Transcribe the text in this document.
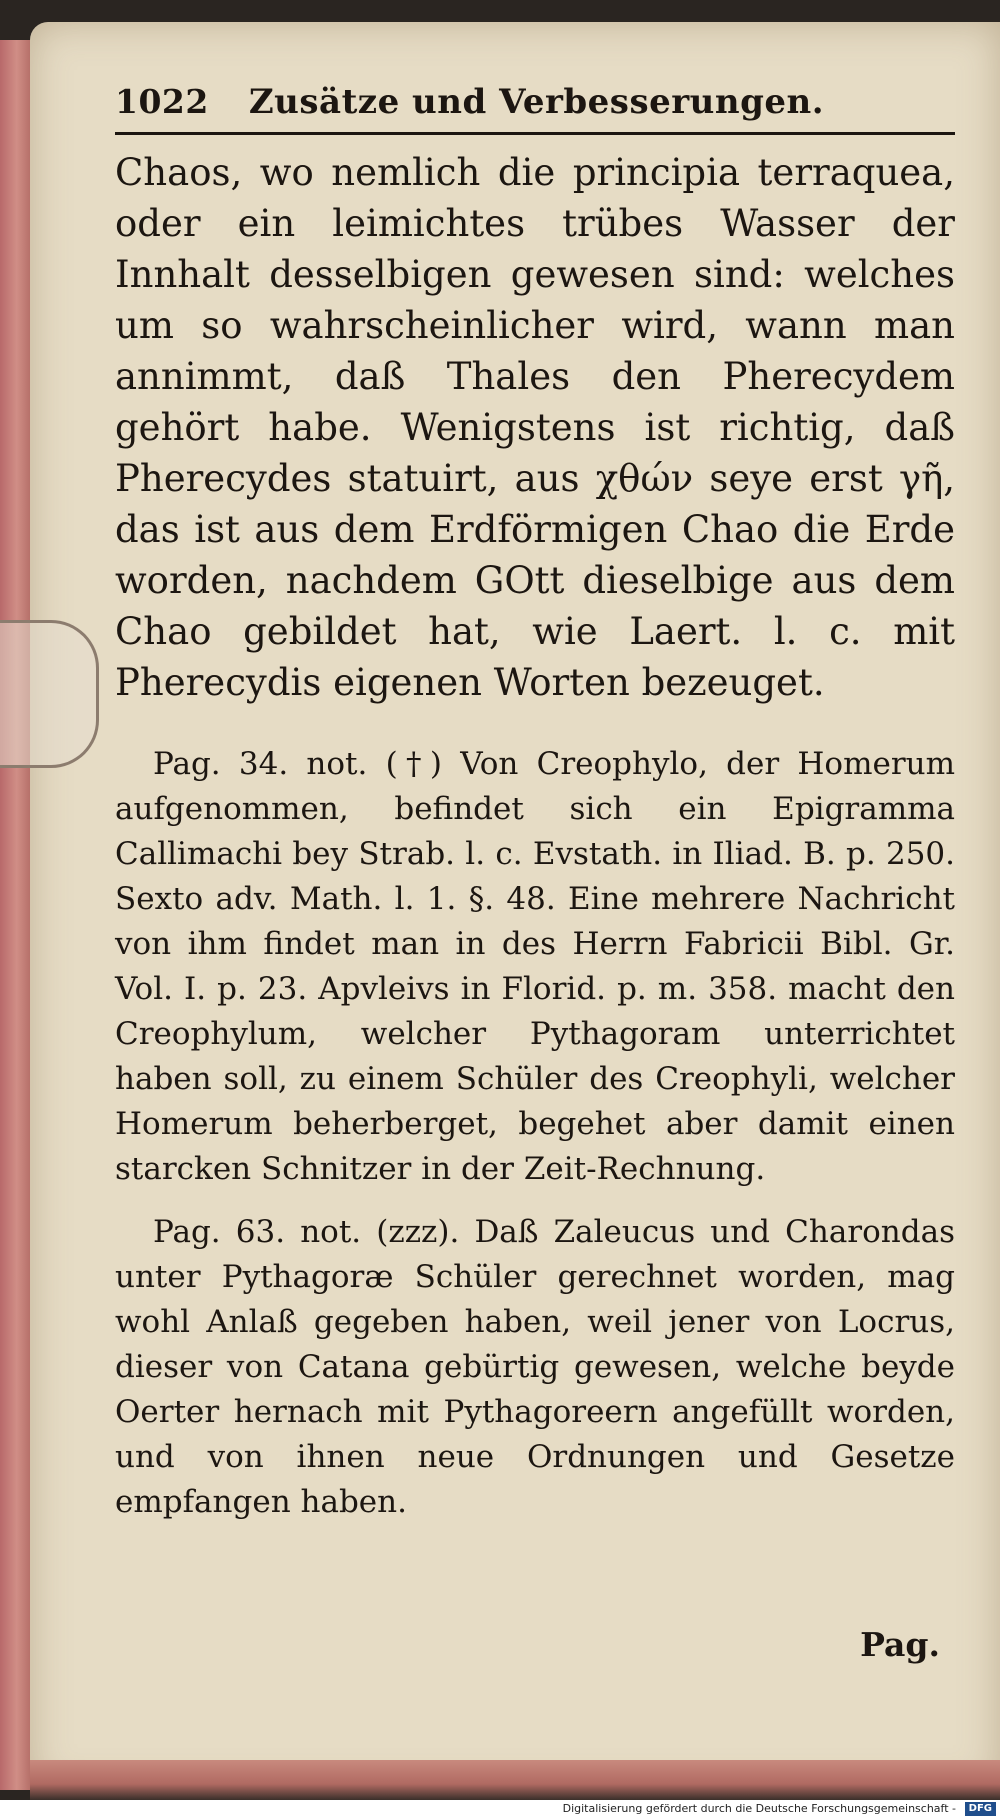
1022 Zusätze und Verbesserungen.

Chaos, wo nemlich die principia terraquea, oder ein leimichtes trübes Wasser der Innhalt desselbigen gewesen sind: welches um so wahrscheinlicher wird, wann man annimmt, daß Thales den Pherecydem gehört habe. Wenigstens ist richtig, daß Pherecydes statuirt, aus χθών seye erst γῆ, das ist aus dem Erdförmigen Chao die Erde worden, nachdem GOtt dieselbige aus dem Chao gebildet hat, wie Laert. l. c. mit Pherecydis eigenen Worten bezeuget.

Pag. 34. not. (†) Von Creophylo, der Homerum aufgenommen, befindet sich ein Epigramma Callimachi bey Strab. l. c. Evstath. in Iliad. B. p. 250. Sexto adv. Math. l. 1. §. 48. Eine mehrere Nachricht von ihm findet man in des Herrn Fabricii Bibl. Gr. Vol. I. p. 23. Apvleivs in Florid. p. m. 358. macht den Creophylum, welcher Pythagoram unterrichtet haben soll, zu einem Schüler des Creophyli, welcher Homerum beherberget, begehet aber damit einen starcken Schnitzer in der Zeit-Rechnung.

Pag. 63. not. (zzz). Daß Zaleucus und Charondas unter Pythagoræ Schüler gerechnet worden, mag wohl Anlaß gegeben haben, weil jener von Locrus, dieser von Catana gebürtig gewesen, welche beyde Oerter hernach mit Pythagoreern angefüllt worden, und von ihnen neue Ordnungen und Gesetze empfangen haben.

Pag.
Digitalisierung gefördert durch die Deutsche Forschungsgemeinschaft -	DFG
